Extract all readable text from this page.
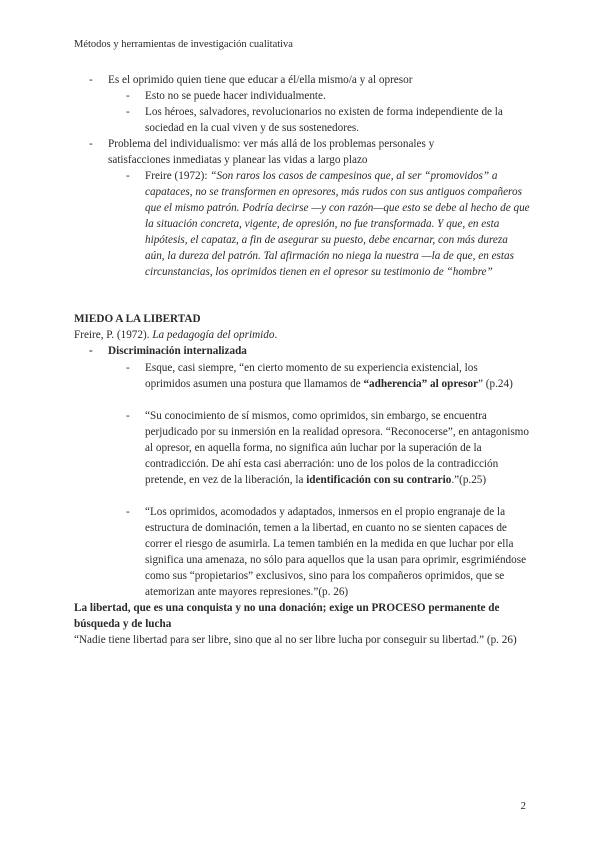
Métodos y herramientas de investigación cualitativa
- Es el oprimido quien tiene que educar a él/ella mismo/a y al opresor

- Esto no se puede hacer individualmente.

- Los héroes, salvadores, revolucionarios no existen de forma independiente de la sociedad en la cual viven y de sus sostenedores.

- Problema del individualismo: ver más allá de los problemas personales y satisfacciones inmediatas y planear las vidas a largo plazo

- Freire (1972): “Son raros los casos de campesinos que, al ser “promovidos” a capataces, no se transformen en opresores, más rudos con sus antiguos compañeros que el mismo patrón. Podría decirse —y con razón—que esto se debe al hecho de que la situación concreta, vigente, de opresión, no fue transformada. Y que, en esta hipótesis, el capataz, a fin de asegurar su puesto, debe encarnar, con más dureza aún, la dureza del patrón. Tal afirmación no niega la nuestra —la de que, en estas circunstancias, los oprimidos tienen en el opresor su testimonio de “hombre”

MIEDO A LA LIBERTAD
Freire, P. (1972). La pedagogía del oprimido.
- Discriminación internalizada
- Esque, casi siempre, “en cierto momento de su experiencia existencial, los oprimidos asumen una postura que llamamos de “adherencia” al opresor” (p.24)

- “Su conocimiento de sí mismos, como oprimidos, sin embargo, se encuentra perjudicado por su inmersión en la realidad opresora. “Reconocerse”, en antagonismo al opresor, en aquella forma, no significa aún luchar por la superación de la contradicción. De ahí esta casi aberración: uno de los polos de la contradicción pretende, en vez de la liberación, la identificación con su contrario.”(p.25)

- “Los oprimidos, acomodados y adaptados, inmersos en el propio engranaje de la estructura de dominación, temen a la libertad, en cuanto no se sienten capaces de correr el riesgo de asumirla. La temen también en la medida en que luchar por ella significa una amenaza, no sólo para aquellos que la usan para oprimir, esgrimiéndose como sus “propietarios” exclusivos, sino para los compañeros oprimidos, que se atemorizan ante mayores represiones.”(p. 26)

La libertad, que es una conquista y no una donación; exige un PROCESO permanente de búsqueda y de lucha
“Nadie tiene libertad para ser libre, sino que al no ser libre lucha por conseguir su libertad.” (p. 26)
2
